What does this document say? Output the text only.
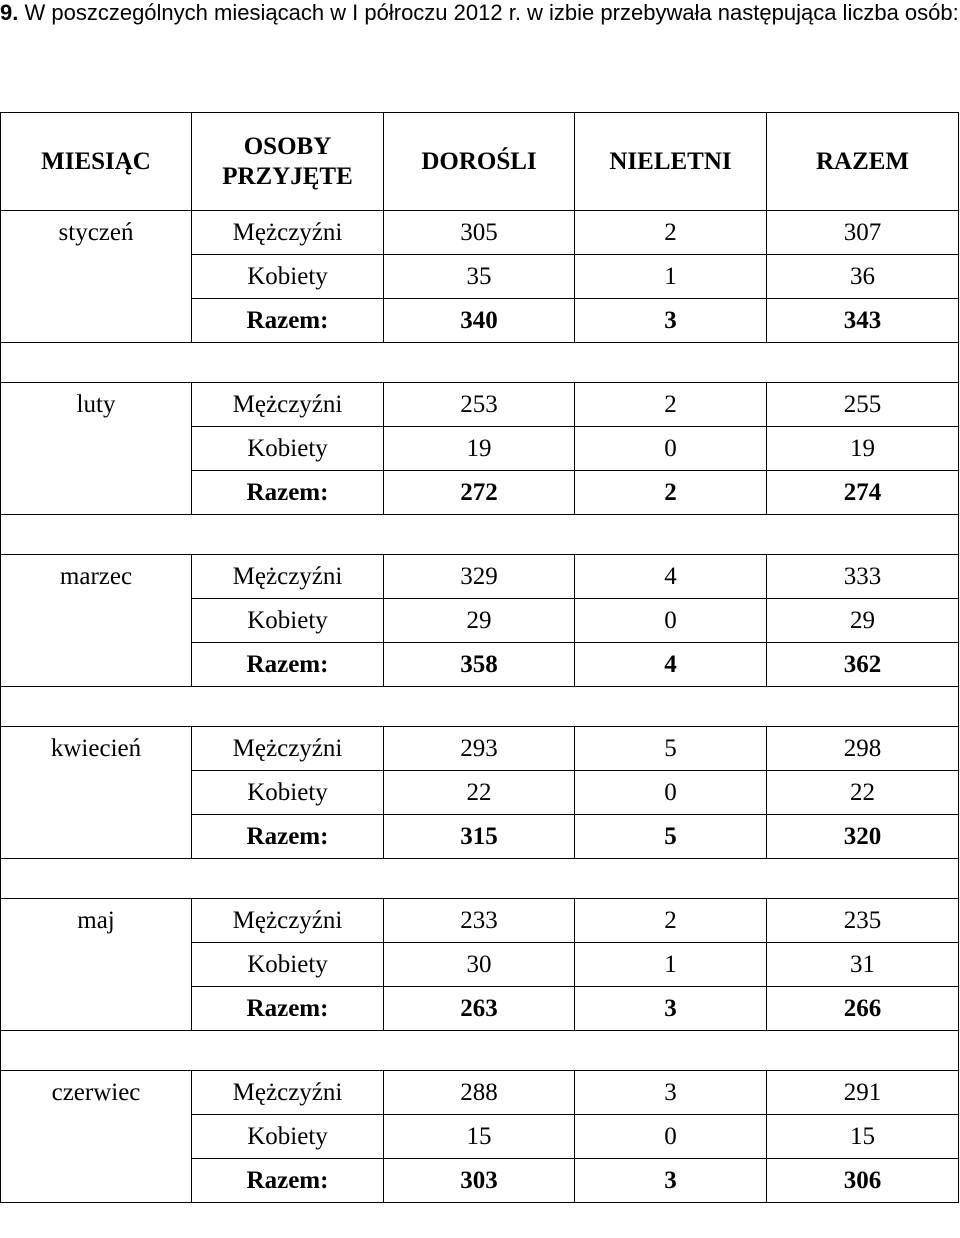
9. W poszczególnych miesiącach w I półroczu 2012 r. w izbie przebywała następująca liczba osób:
MIESIĄC	OSOBY PRZYJĘTE	DOROŚLI	NIELETNI	RAZEM
styczeń	Mężczyźni	305	2	307
	Kobiety	35	1	36
	Razem:	340	3	343

luty	Mężczyźni	253	2	255
	Kobiety	19	0	19
	Razem:	272	2	274

marzec	Mężczyźni	329	4	333
	Kobiety	29	0	29
	Razem:	358	4	362

kwiecień	Mężczyźni	293	5	298
	Kobiety	22	0	22
	Razem:	315	5	320

maj	Mężczyźni	233	2	235
	Kobiety	30	1	31
	Razem:	263	3	266

czerwiec	Mężczyźni	288	3	291
	Kobiety	15	0	15
	Razem:	303	3	306
